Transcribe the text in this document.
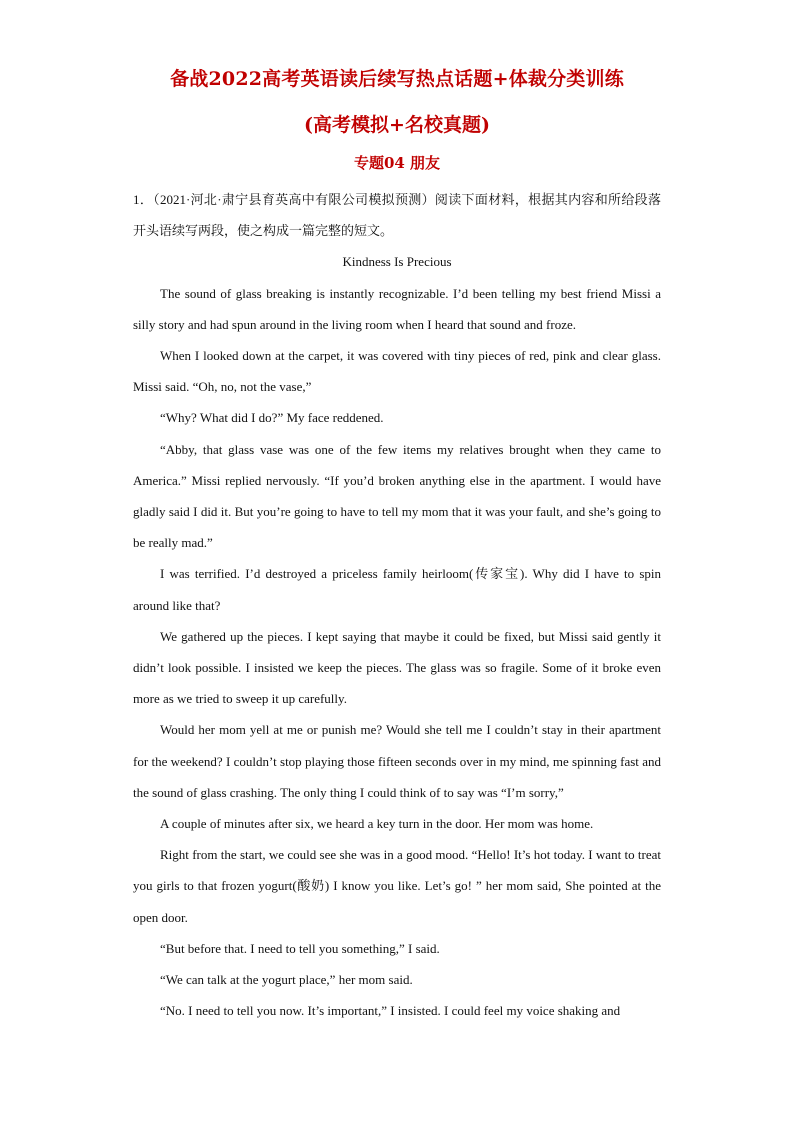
备战2022高考英语读后续写热点话题+体裁分类训练
(高考模拟+名校真题)
专题04 朋友

1．（2021·河北·肃宁县育英高中有限公司模拟预测）阅读下面材料，根据其内容和所给段落开头语续写两段，使之构成一篇完整的短文。

Kindness Is Precious

The sound of glass breaking is instantly recognizable. I’d been telling my best friend Missi a silly story and had spun around in the living room when I heard that sound and froze.

When I looked down at the carpet, it was covered with tiny pieces of red, pink and clear glass. Missi said. “Oh, no, not the vase,”

“Why? What did I do?” My face reddened.

“Abby, that glass vase was one of the few items my relatives brought when they came to America.” Missi replied nervously. “If you’d broken anything else in the apartment. I would have gladly said I did it. But you’re going to have to tell my mom that it was your fault, and she’s going to be really mad.”

I was terrified. I’d destroyed a priceless family heirloom(传家宝). Why did I have to spin around like that?

We gathered up the pieces. I kept saying that maybe it could be fixed, but Missi said gently it didn’t look possible. I insisted we keep the pieces. The glass was so fragile. Some of it broke even more as we tried to sweep it up carefully.

Would her mom yell at me or punish me? Would she tell me I couldn’t stay in their apartment for the weekend? I couldn’t stop playing those fifteen seconds over in my mind, me spinning fast and the sound of glass crashing. The only thing I could think of to say was “I’m sorry,”

A couple of minutes after six, we heard a key turn in the door. Her mom was home.

Right from the start, we could see she was in a good mood. “Hello! It’s hot today. I want to treat you girls to that frozen yogurt(酸奶) I know you like. Let’s go! ” her mom said, She pointed at the open door.

“But before that. I need to tell you something,” I said.

“We can talk at the yogurt place,” her mom said.

“No. I need to tell you now. It’s important,” I insisted. I could feel my voice shaking and
